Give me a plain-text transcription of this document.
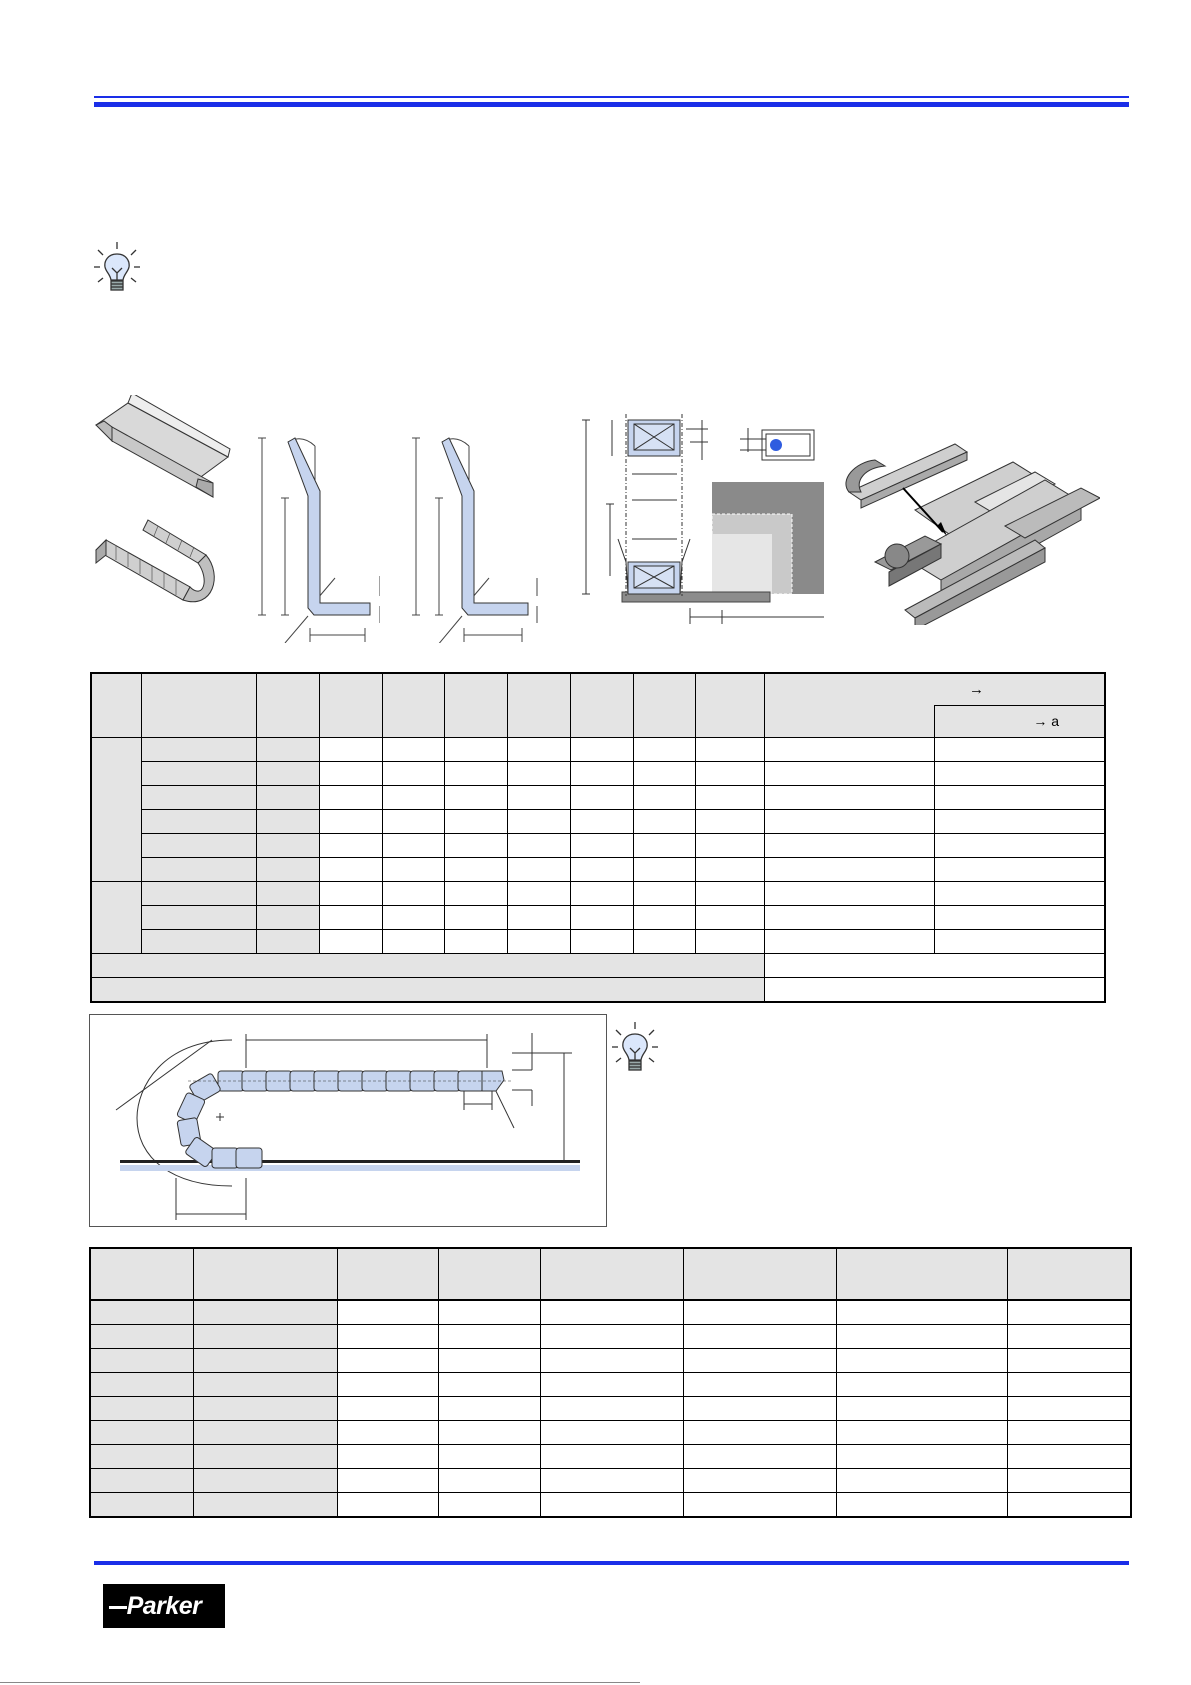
										→	
											→ a

Parker
